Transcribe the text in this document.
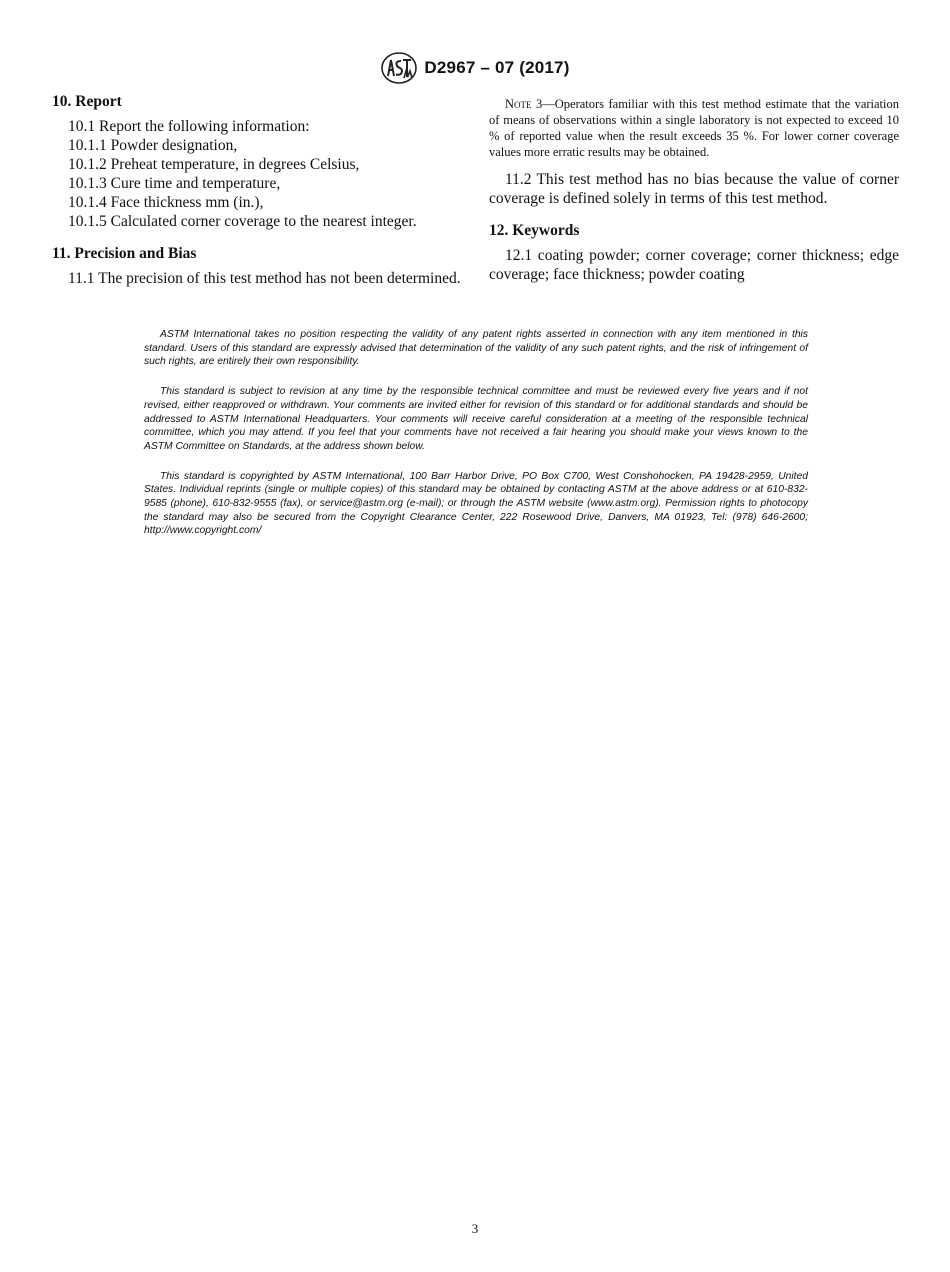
D2967 – 07 (2017)

10. Report

10.1 Report the following information:

10.1.1 Powder designation,

10.1.2 Preheat temperature, in degrees Celsius,

10.1.3 Cure time and temperature,

10.1.4 Face thickness mm (in.),

10.1.5 Calculated corner coverage to the nearest integer.

11. Precision and Bias

11.1 The precision of this test method has not been determined.

Note 3—Operators familiar with this test method estimate that the variation of means of observations within a single laboratory is not expected to exceed 10 % of reported value when the result exceeds 35 %. For lower corner coverage values more erratic results may be obtained.

11.2 This test method has no bias because the value of corner coverage is defined solely in terms of this test method.

12. Keywords

12.1 coating powder; corner coverage; corner thickness; edge coverage; face thickness; powder coating

ASTM International takes no position respecting the validity of any patent rights asserted in connection with any item mentioned in this standard. Users of this standard are expressly advised that determination of the validity of any such patent rights, and the risk of infringement of such rights, are entirely their own responsibility.

This standard is subject to revision at any time by the responsible technical committee and must be reviewed every five years and if not revised, either reapproved or withdrawn. Your comments are invited either for revision of this standard or for additional standards and should be addressed to ASTM International Headquarters. Your comments will receive careful consideration at a meeting of the responsible technical committee, which you may attend. If you feel that your comments have not received a fair hearing you should make your views known to the ASTM Committee on Standards, at the address shown below.

This standard is copyrighted by ASTM International, 100 Barr Harbor Drive, PO Box C700, West Conshohocken, PA 19428-2959, United States. Individual reprints (single or multiple copies) of this standard may be obtained by contacting ASTM at the above address or at 610-832-9585 (phone), 610-832-9555 (fax), or service@astm.org (e-mail); or through the ASTM website (www.astm.org). Permission rights to photocopy the standard may also be secured from the Copyright Clearance Center, 222 Rosewood Drive, Danvers, MA 01923, Tel: (978) 646-2600; http://www.copyright.com/

3
